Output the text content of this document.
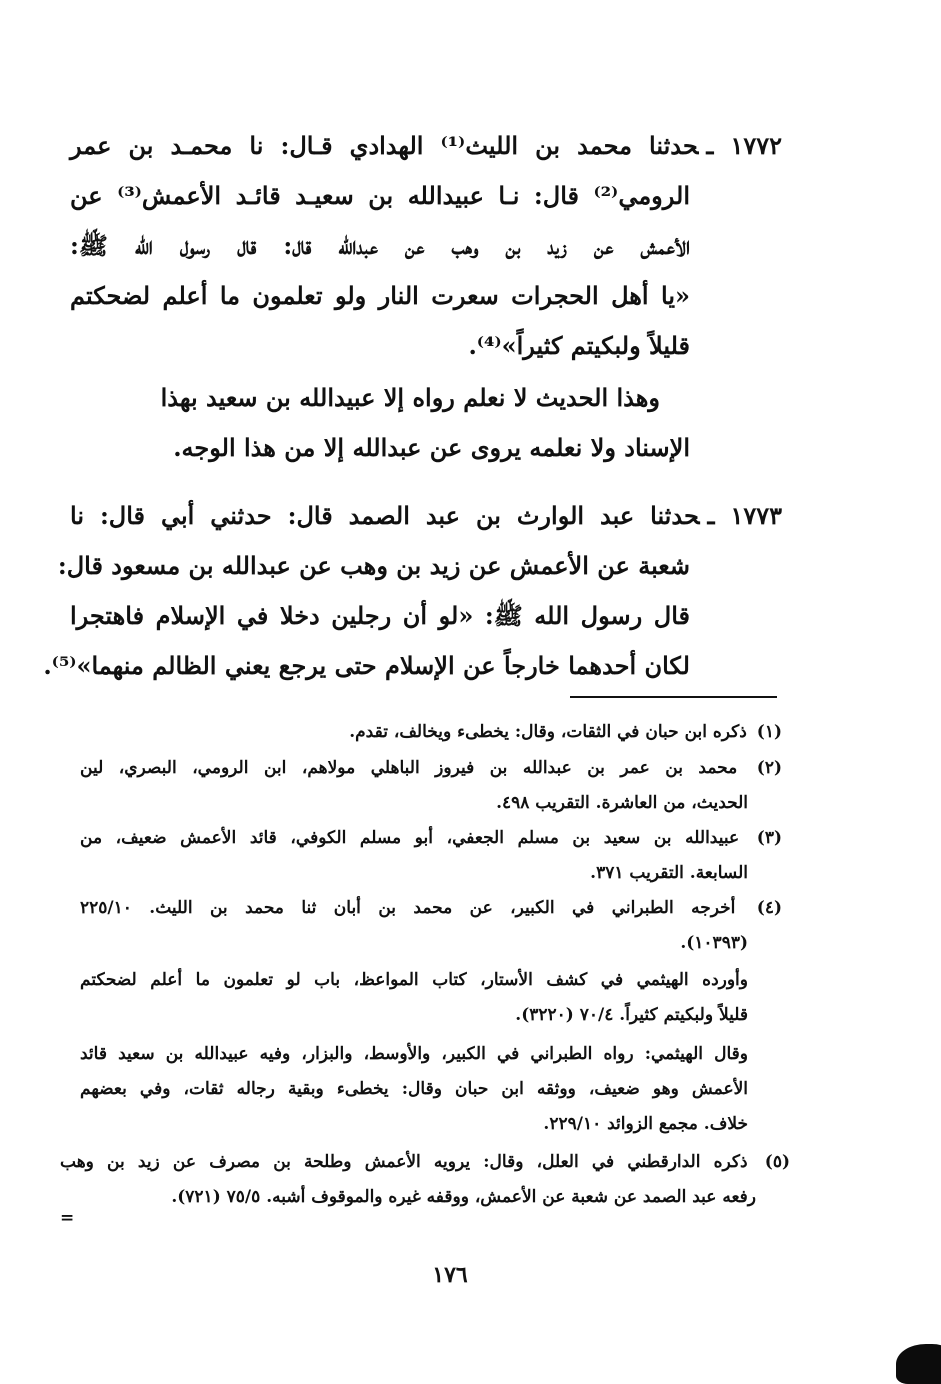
١٧٧٢ ـحدثنا محمد بن الليث⁽¹⁾ الهدادي قـال: نا محمـد بن عمر
الرومي⁽²⁾ قال: نـا عبيدالله بن سعيـد قائـد الأعمش⁽³⁾ عن
الأعمش عن زيد بن وهب عن عبدالله قال: قال رسول الله ﷺ:
«يا أهل الحجرات سعرت النار ولو تعلمون ما أعلم لضحكتم
قليلاً ولبكيتم كثيراً»⁽⁴⁾.
وهذا الحديث لا نعلم رواه إلا عبيدالله بن سعيد بهذا
الإسناد ولا نعلمه يروى عن عبدالله إلا من هذا الوجه.
١٧٧٣ ـحدثنا عبد الوارث بن عبد الصمد قال: حدثني أبي قال: نا
شعبة عن الأعمش عن زيد بن وهب عن عبدالله بن مسعود قال:
قال رسول الله ﷺ: «لو أن رجلين دخلا في الإسلام فاهتجرا
لكان أحدهما خارجاً عن الإسلام حتى يرجع يعني الظالم منهما»⁽⁵⁾.
(١) ذكره ابن حبان في الثقات، وقال: يخطىء ويخالف، تقدم.
(٢) محمد بن عمر بن عبدالله بن فيروز الباهلي مولاهم، ابن الرومي، البصري، لين
الحديث، من العاشرة. التقريب ٤٩٨.
(٣) عبيدالله بن سعيد بن مسلم الجعفي، أبو مسلم الكوفي، قائد الأعمش ضعيف، من
السابعة. التقريب ٣٧١.
(٤) أخرجه الطبراني في الكبير، عن محمد بن أبان ثنا محمد بن الليث. ٢٢٥/١٠
(١٠٣٩٣).
وأورده الهيثمي في كشف الأستار، كتاب المواعظ، باب لو تعلمون ما أعلم لضحكتم
قليلاً ولبكيتم كثيراً. ٧٠/٤ (٣٢٢٠).
وقال الهيثمي: رواه الطبراني في الكبير، والأوسط، والبزار، وفيه عبيدالله بن سعيد قائد
الأعمش وهو ضعيف، ووثقه ابن حبان وقال: يخطىء وبقية رجاله ثقات، وفي بعضهم
خلاف. مجمع الزوائد ٢٢٩/١٠.
(٥) ذكره الدارقطني في العلل، وقال: يرويه الأعمش وطلحة بن مصرف عن زيد بن وهب
رفعه عبد الصمد عن شعبة عن الأعمش، ووقفه غيره والموقوف أشبه. ٧٥/٥ (٧٢١).
=
١٧٦
